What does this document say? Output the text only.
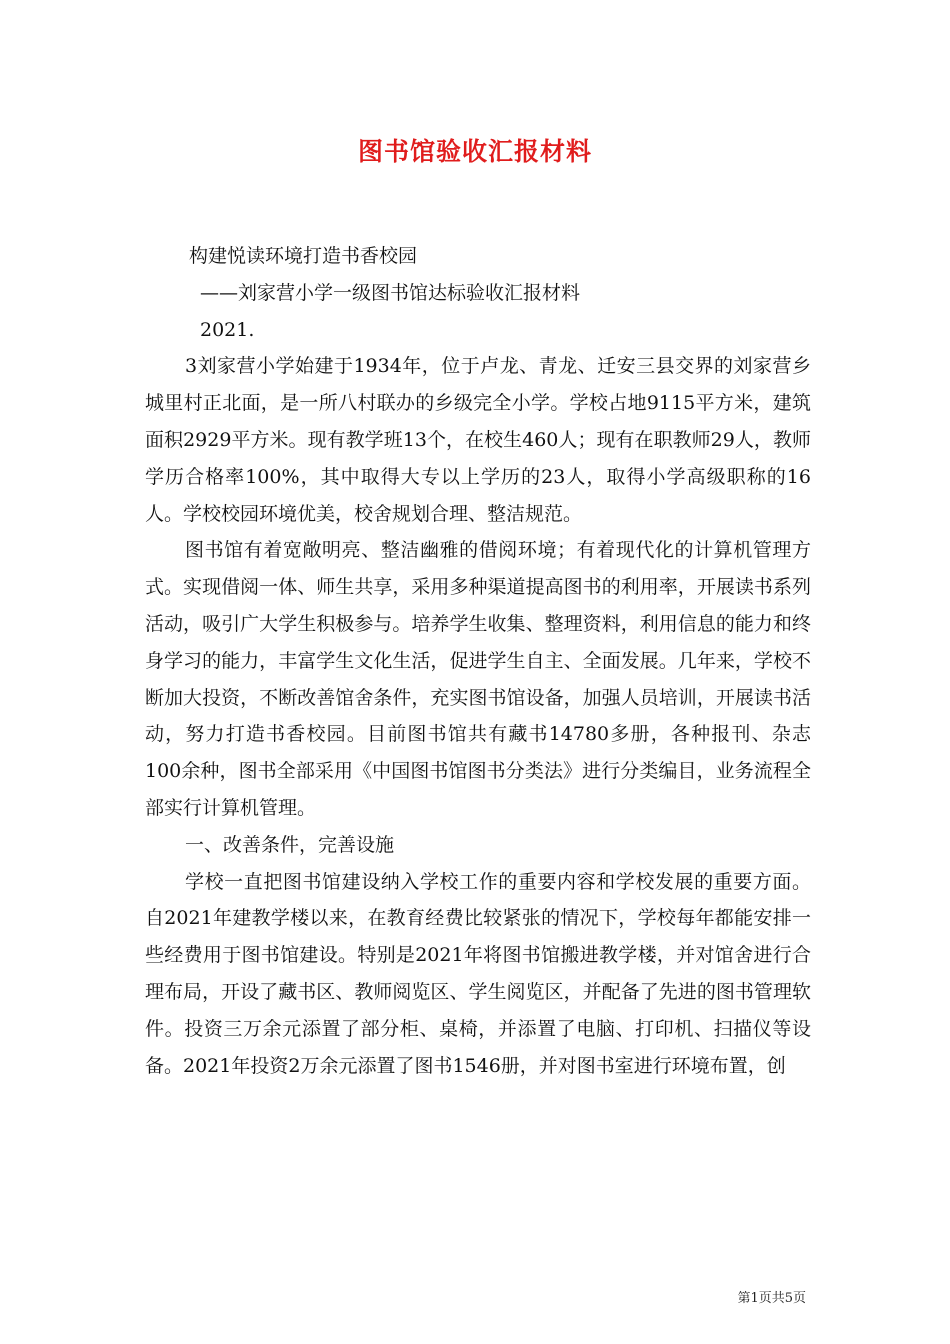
图书馆验收汇报材料

构建悦读环境打造书香校园

——刘家营小学一级图书馆达标验收汇报材料

2021.

3刘家营小学始建于1934年，位于卢龙、青龙、迁安三县交界的刘家营乡城里村正北面，是一所八村联办的乡级完全小学。学校占地9115平方米，建筑面积2929平方米。现有教学班13个，在校生460人；现有在职教师29人，教师学历合格率100%，其中取得大专以上学历的23人，取得小学高级职称的16人。学校校园环境优美，校舍规划合理、整洁规范。

图书馆有着宽敞明亮、整洁幽雅的借阅环境；有着现代化的计算机管理方式。实现借阅一体、师生共享，采用多种渠道提高图书的利用率，开展读书系列活动，吸引广大学生积极参与。培养学生收集、整理资料，利用信息的能力和终身学习的能力，丰富学生文化生活，促进学生自主、全面发展。几年来，学校不断加大投资，不断改善馆舍条件，充实图书馆设备，加强人员培训，开展读书活动，努力打造书香校园。目前图书馆共有藏书14780多册，各种报刊、杂志100余种，图书全部采用《中国图书馆图书分类法》进行分类编目，业务流程全部实行计算机管理。

一、改善条件，完善设施

学校一直把图书馆建设纳入学校工作的重要内容和学校发展的重要方面。自2021年建教学楼以来，在教育经费比较紧张的情况下，学校每年都能安排一些经费用于图书馆建设。特别是2021年将图书馆搬进教学楼，并对馆舍进行合理布局，开设了藏书区、教师阅览区、学生阅览区，并配备了先进的图书管理软件。投资三万余元添置了部分柜、桌椅，并添置了电脑、打印机、扫描仪等设备。2021年投资2万余元添置了图书1546册，并对图书室进行环境布置，创

第1页共5页
